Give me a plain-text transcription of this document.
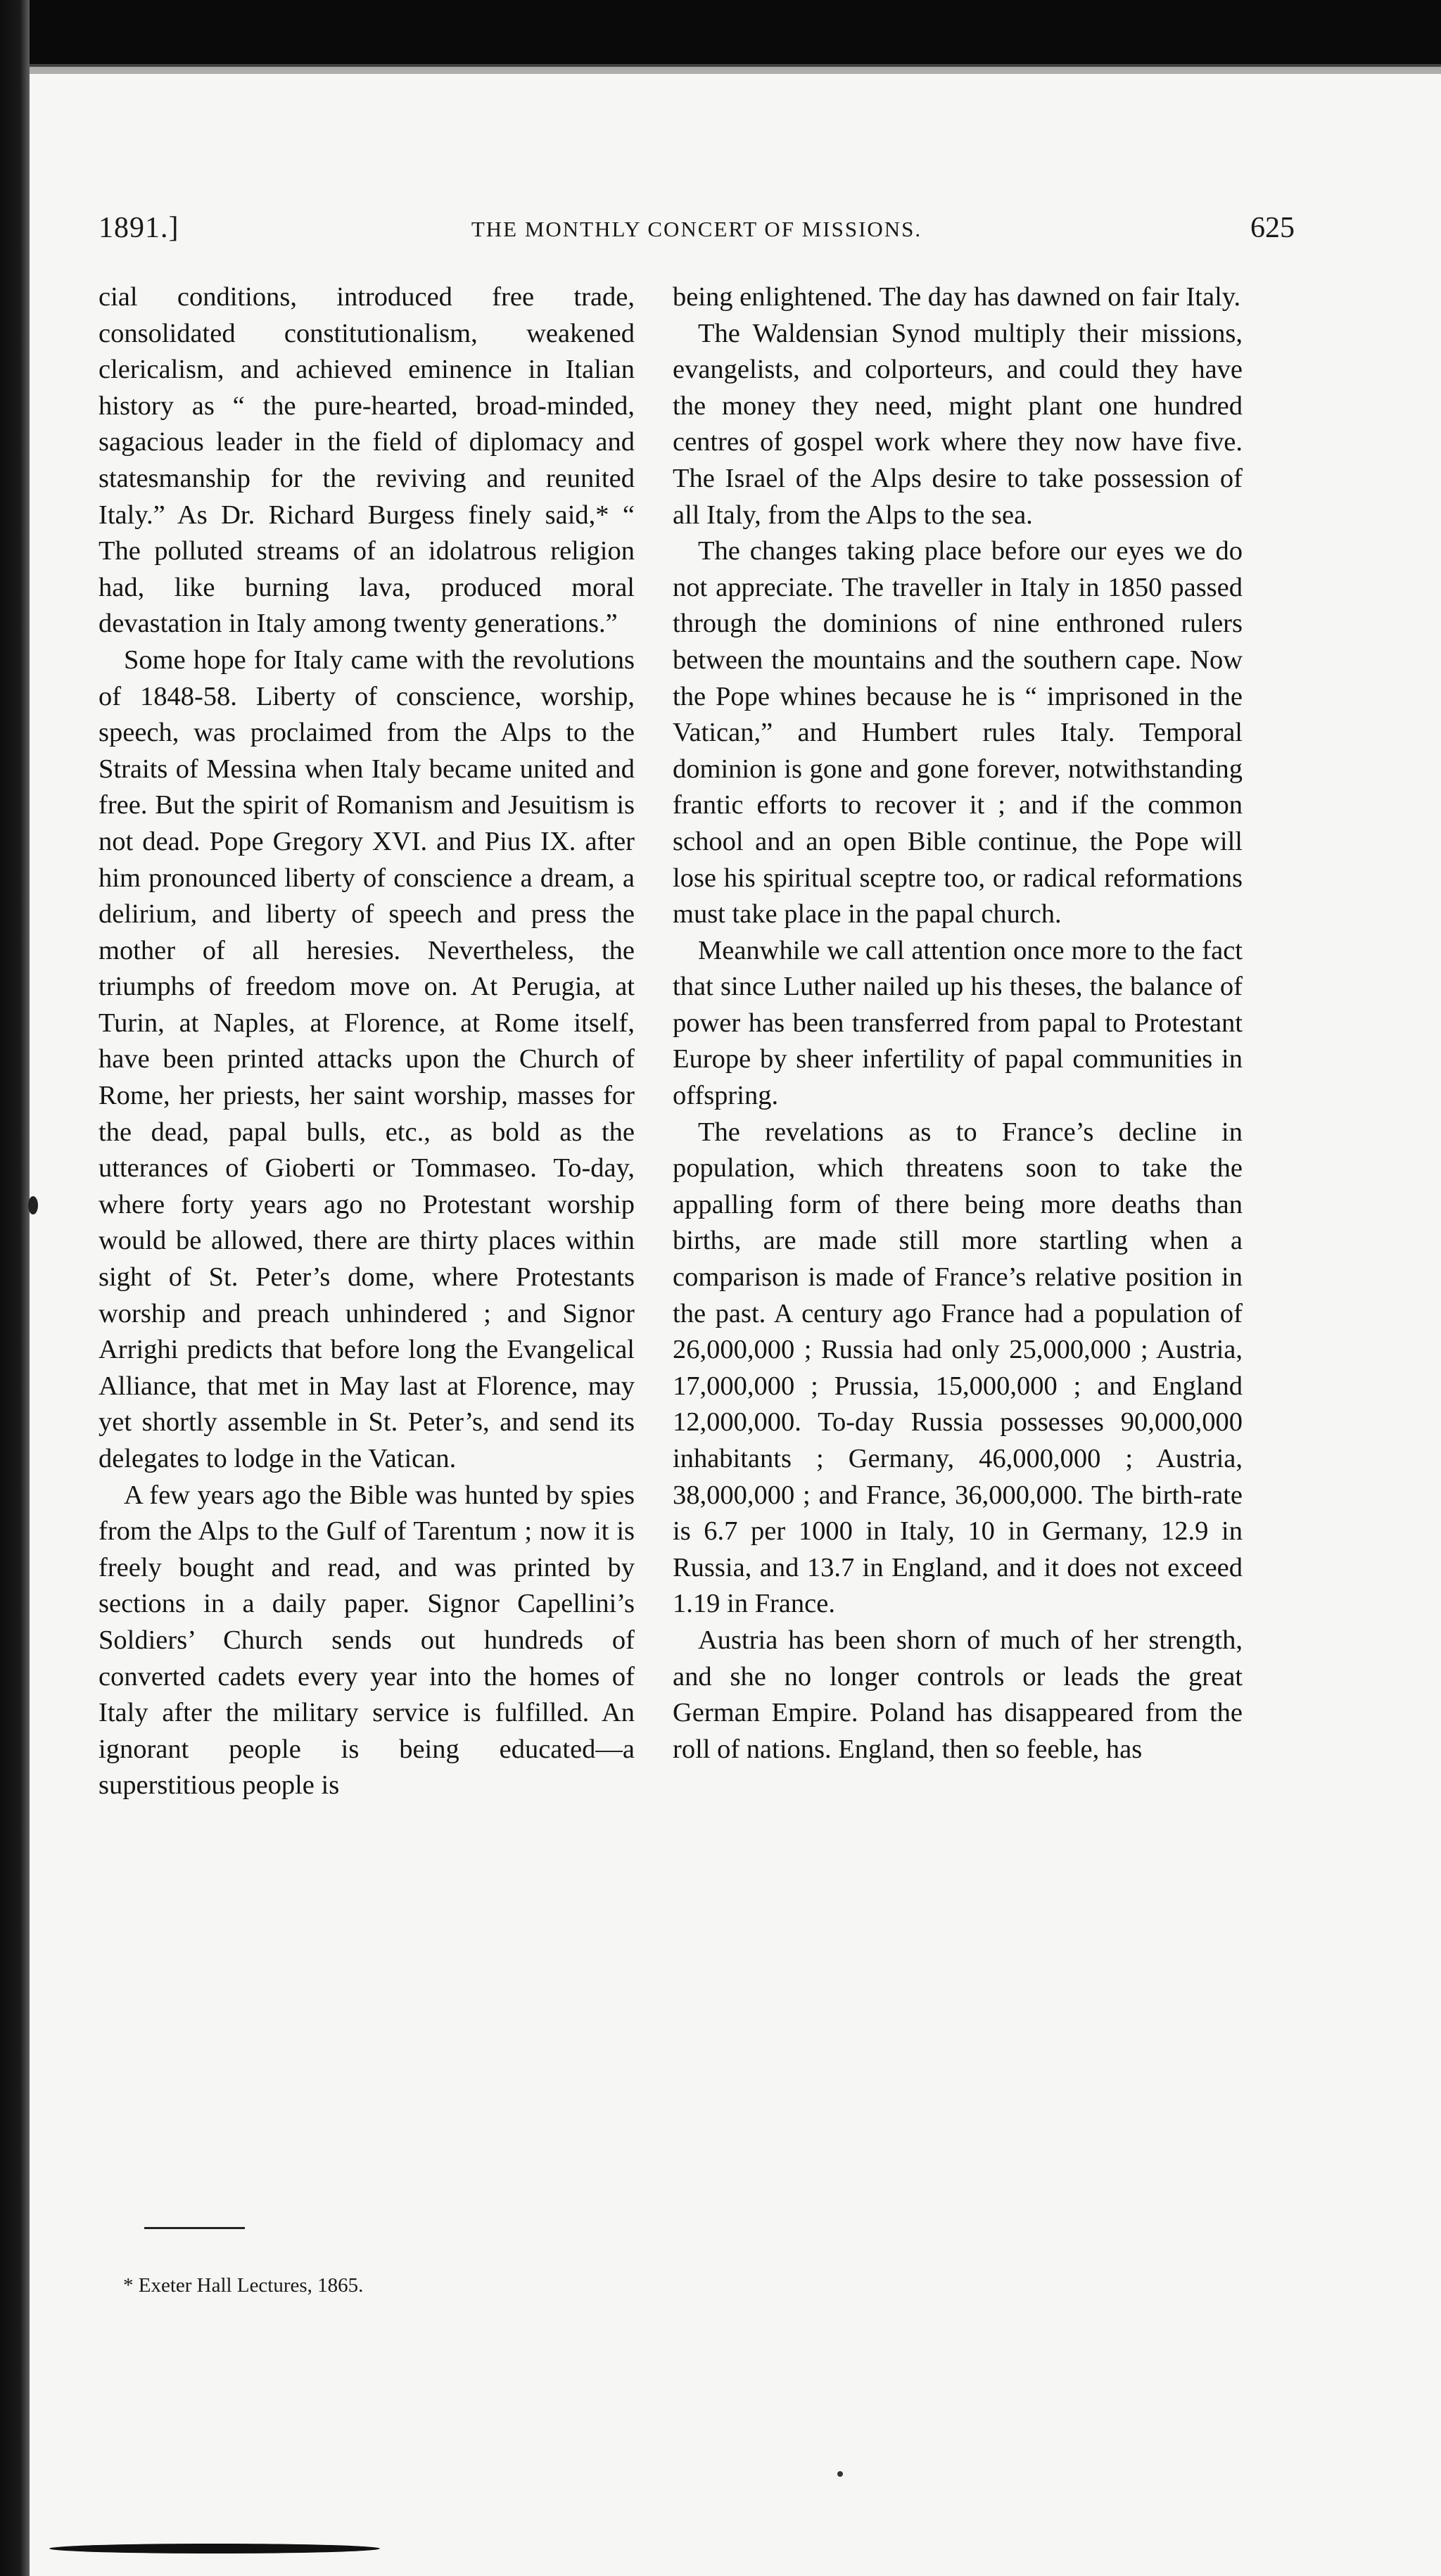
1891.]	THE MONTHLY CONCERT OF MISSIONS.	625

cial conditions, introduced free trade, consolidated constitutionalism, weakened clericalism, and achieved eminence in Italian history as “ the pure-hearted, broad-minded, sagacious leader in the field of diplomacy and statesmanship for the reviving and reunited Italy.” As Dr. Richard Burgess finely said,* “ The polluted streams of an idolatrous religion had, like burning lava, produced moral devastation in Italy among twenty generations.”

Some hope for Italy came with the revolutions of 1848-58. Liberty of conscience, worship, speech, was proclaimed from the Alps to the Straits of Messina when Italy became united and free. But the spirit of Romanism and Jesuitism is not dead. Pope Gregory XVI. and Pius IX. after him pronounced liberty of conscience a dream, a delirium, and liberty of speech and press the mother of all heresies. Nevertheless, the triumphs of freedom move on. At Perugia, at Turin, at Naples, at Florence, at Rome itself, have been printed attacks upon the Church of Rome, her priests, her saint worship, masses for the dead, papal bulls, etc., as bold as the utterances of Gioberti or Tommaseo. To-day, where forty years ago no Protestant worship would be allowed, there are thirty places within sight of St. Peter’s dome, where Protestants worship and preach unhindered ; and Signor Arrighi predicts that before long the Evangelical Alliance, that met in May last at Florence, may yet shortly assemble in St. Peter’s, and send its delegates to lodge in the Vatican.

A few years ago the Bible was hunted by spies from the Alps to the Gulf of Tarentum ; now it is freely bought and read, and was printed by sections in a daily paper. Signor Capellini’s Soldiers’ Church sends out hundreds of converted cadets every year into the homes of Italy after the military service is fulfilled. An ignorant people is being educated—a superstitious people is

being enlightened. The day has dawned on fair Italy.

The Waldensian Synod multiply their missions, evangelists, and colporteurs, and could they have the money they need, might plant one hundred centres of gospel work where they now have five. The Israel of the Alps desire to take possession of all Italy, from the Alps to the sea.

The changes taking place before our eyes we do not appreciate. The traveller in Italy in 1850 passed through the dominions of nine enthroned rulers between the mountains and the southern cape. Now the Pope whines because he is “ imprisoned in the Vatican,” and Humbert rules Italy. Temporal dominion is gone and gone forever, notwithstanding frantic efforts to recover it ; and if the common school and an open Bible continue, the Pope will lose his spiritual sceptre too, or radical reformations must take place in the papal church.

Meanwhile we call attention once more to the fact that since Luther nailed up his theses, the balance of power has been transferred from papal to Protestant Europe by sheer infertility of papal communities in offspring.

The revelations as to France’s decline in population, which threatens soon to take the appalling form of there being more deaths than births, are made still more startling when a comparison is made of France’s relative position in the past. A century ago France had a population of 26,000,000 ; Russia had only 25,000,000 ; Austria, 17,000,000 ; Prussia, 15,000,000 ; and England 12,000,000. To-day Russia possesses 90,000,000 inhabitants ; Germany, 46,000,000 ; Austria, 38,000,000 ; and France, 36,000,000. The birth-rate is 6.7 per 1000 in Italy, 10 in Germany, 12.9 in Russia, and 13.7 in England, and it does not exceed 1.19 in France.

Austria has been shorn of much of her strength, and she no longer controls or leads the great German Empire. Poland has disappeared from the roll of nations. England, then so feeble, has

* Exeter Hall Lectures, 1865.
